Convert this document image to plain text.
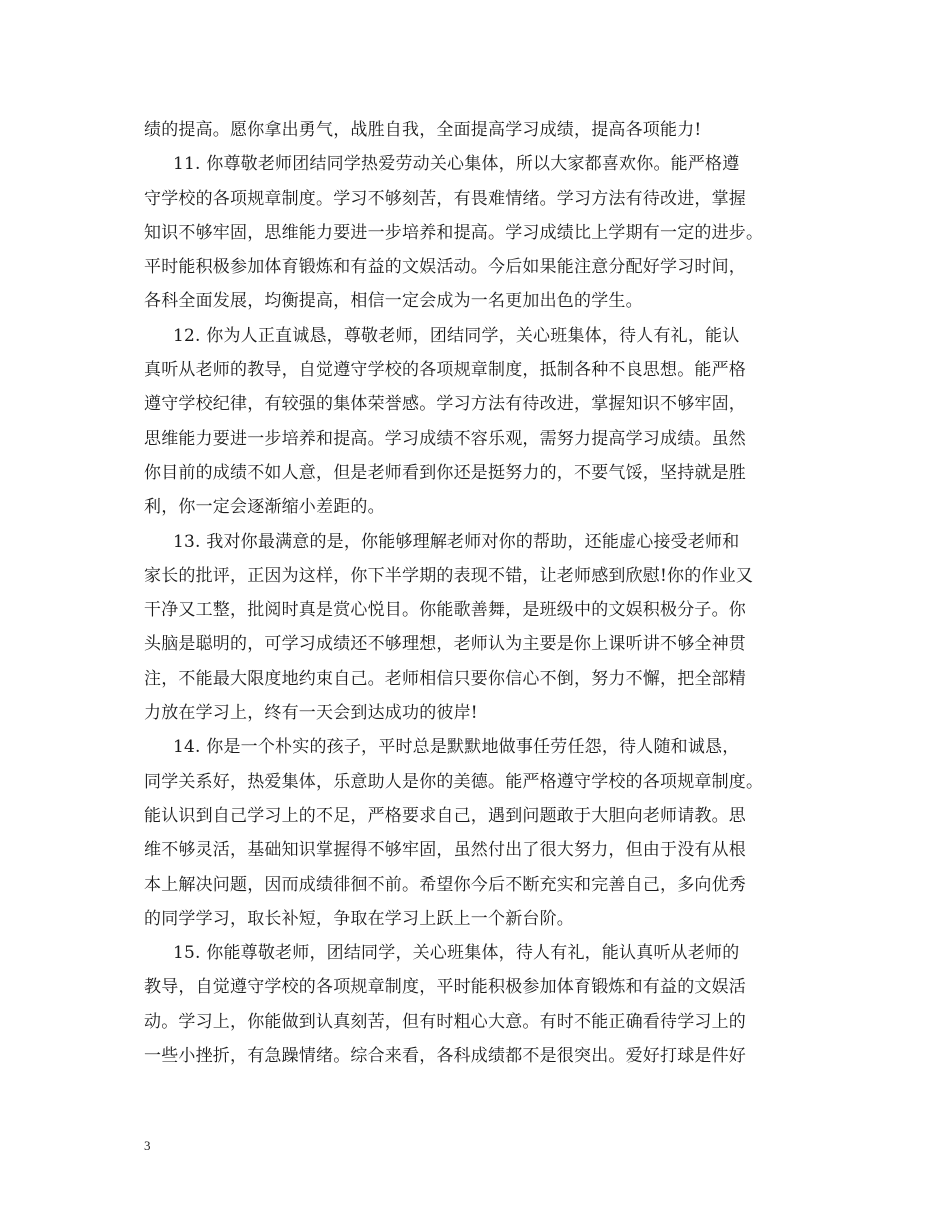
绩的提高。愿你拿出勇气，战胜自我，全面提高学习成绩，提高各项能力!
11. 你尊敬老师团结同学热爱劳动关心集体，所以大家都喜欢你。能严格遵
守学校的各项规章制度。学习不够刻苦，有畏难情绪。学习方法有待改进，掌握
知识不够牢固，思维能力要进一步培养和提高。学习成绩比上学期有一定的进步。
平时能积极参加体育锻炼和有益的文娱活动。今后如果能注意分配好学习时间，
各科全面发展，均衡提高，相信一定会成为一名更加出色的学生。
12. 你为人正直诚恳，尊敬老师，团结同学，关心班集体，待人有礼，能认
真听从老师的教导，自觉遵守学校的各项规章制度，抵制各种不良思想。能严格
遵守学校纪律，有较强的集体荣誉感。学习方法有待改进，掌握知识不够牢固，
思维能力要进一步培养和提高。学习成绩不容乐观，需努力提高学习成绩。虽然
你目前的成绩不如人意，但是老师看到你还是挺努力的，不要气馁，坚持就是胜
利，你一定会逐渐缩小差距的。
13. 我对你最满意的是，你能够理解老师对你的帮助，还能虚心接受老师和
家长的批评，正因为这样，你下半学期的表现不错，让老师感到欣慰!你的作业又
干净又工整，批阅时真是赏心悦目。你能歌善舞，是班级中的文娱积极分子。你
头脑是聪明的，可学习成绩还不够理想，老师认为主要是你上课听讲不够全神贯
注，不能最大限度地约束自己。老师相信只要你信心不倒，努力不懈，把全部精
力放在学习上，终有一天会到达成功的彼岸!
14. 你是一个朴实的孩子，平时总是默默地做事任劳任怨，待人随和诚恳，
同学关系好，热爱集体，乐意助人是你的美德。能严格遵守学校的各项规章制度。
能认识到自己学习上的不足，严格要求自己，遇到问题敢于大胆向老师请教。思
维不够灵活，基础知识掌握得不够牢固，虽然付出了很大努力，但由于没有从根
本上解决问题，因而成绩徘徊不前。希望你今后不断充实和完善自己，多向优秀
的同学学习，取长补短，争取在学习上跃上一个新台阶。
15. 你能尊敬老师，团结同学，关心班集体，待人有礼，能认真听从老师的
教导，自觉遵守学校的各项规章制度，平时能积极参加体育锻炼和有益的文娱活
动。学习上，你能做到认真刻苦，但有时粗心大意。有时不能正确看待学习上的
一些小挫折，有急躁情绪。综合来看，各科成绩都不是很突出。爱好打球是件好
3
